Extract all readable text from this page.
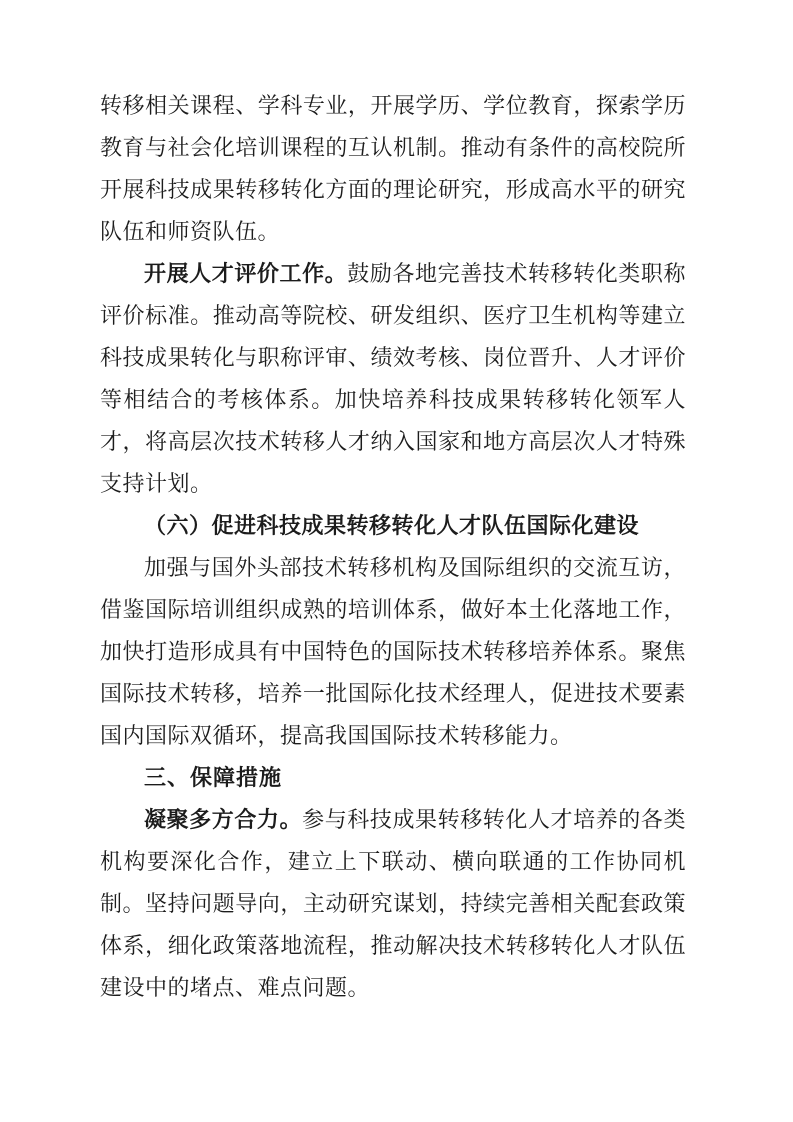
转移相关课程、学科专业，开展学历、学位教育，探索学历教育与社会化培训课程的互认机制。推动有条件的高校院所开展科技成果转移转化方面的理论研究，形成高水平的研究队伍和师资队伍。

开展人才评价工作。鼓励各地完善技术转移转化类职称评价标准。推动高等院校、研发组织、医疗卫生机构等建立科技成果转化与职称评审、绩效考核、岗位晋升、人才评价等相结合的考核体系。加快培养科技成果转移转化领军人才，将高层次技术转移人才纳入国家和地方高层次人才特殊支持计划。

（六）促进科技成果转移转化人才队伍国际化建设

加强与国外头部技术转移机构及国际组织的交流互访，借鉴国际培训组织成熟的培训体系，做好本土化落地工作，加快打造形成具有中国特色的国际技术转移培养体系。聚焦国际技术转移，培养一批国际化技术经理人，促进技术要素国内国际双循环，提高我国国际技术转移能力。

三、保障措施

凝聚多方合力。参与科技成果转移转化人才培养的各类机构要深化合作，建立上下联动、横向联通的工作协同机制。坚持问题导向，主动研究谋划，持续完善相关配套政策体系，细化政策落地流程，推动解决技术转移转化人才队伍建设中的堵点、难点问题。
